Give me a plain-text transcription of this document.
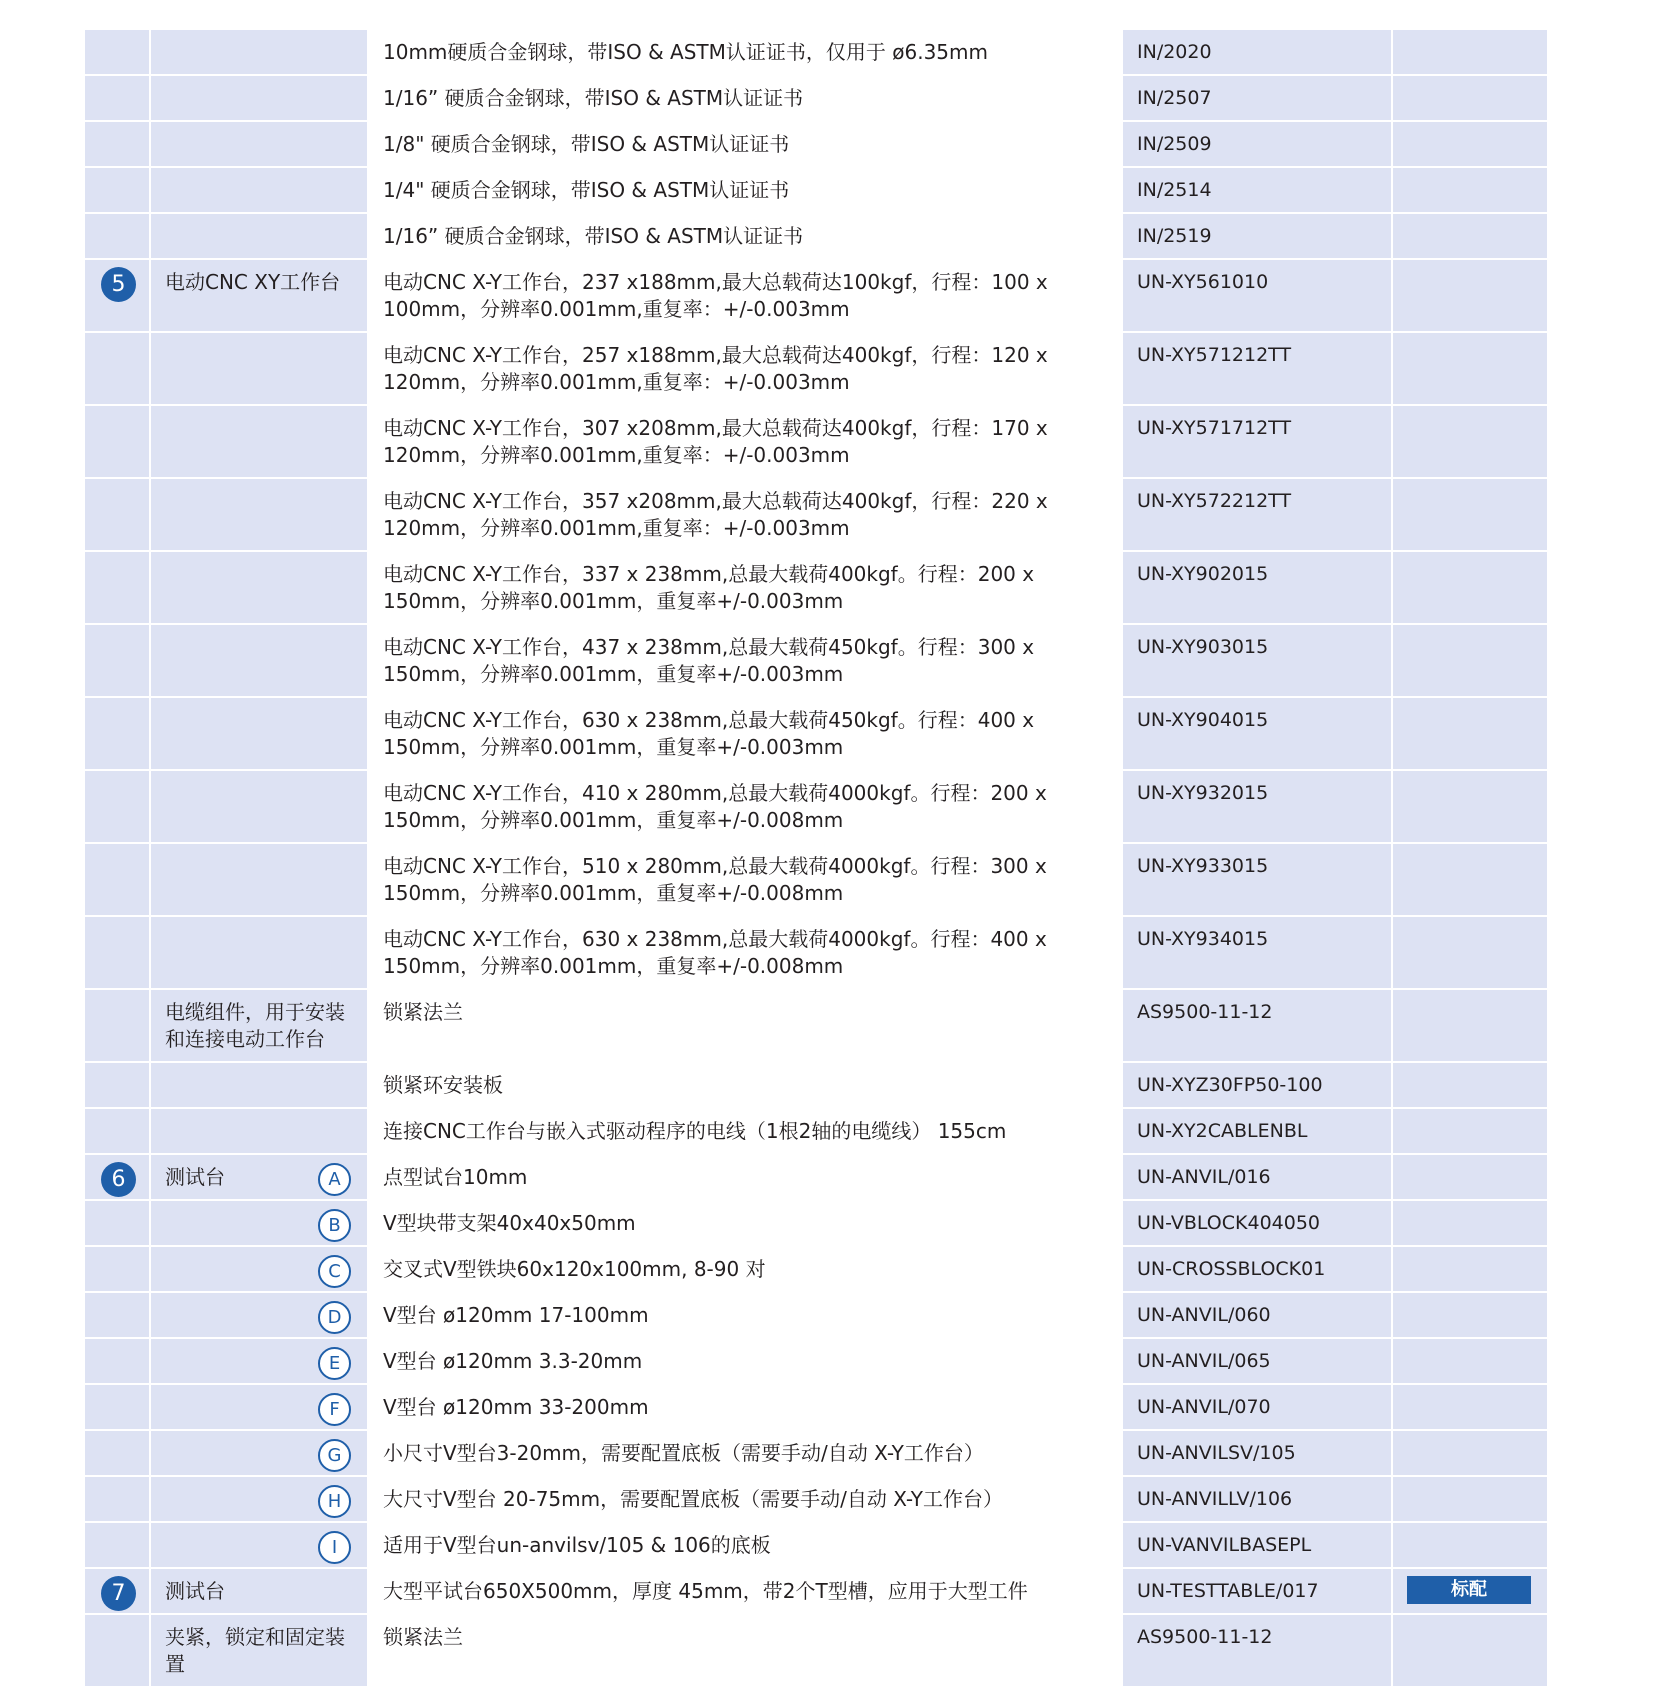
		10mm硬质合金钢球，带ISO & ASTM认证证书，仅用于 ø6.35mm	IN/2020	

		1/16” 硬质合金钢球，带ISO & ASTM认证证书	IN/2507	

		1/8" 硬质合金钢球，带ISO & ASTM认证证书	IN/2509	

		1/4" 硬质合金钢球，带ISO & ASTM认证证书	IN/2514	

		1/16” 硬质合金钢球，带ISO & ASTM认证证书	IN/2519	

5	电动CNC XY工作台	电动CNC X-Y工作台，237 x188mm,最大总载荷达100kgf，行程：100 x 100mm，分辨率0.001mm,重复率：+/-0.003mm	UN-XY561010	

		电动CNC X-Y工作台，257 x188mm,最大总载荷达400kgf，行程：120 x 120mm，分辨率0.001mm,重复率：+/-0.003mm	UN-XY571212TT	

		电动CNC X-Y工作台，307 x208mm,最大总载荷达400kgf，行程：170 x 120mm，分辨率0.001mm,重复率：+/-0.003mm	UN-XY571712TT	

		电动CNC X-Y工作台，357 x208mm,最大总载荷达400kgf，行程：220 x 120mm，分辨率0.001mm,重复率：+/-0.003mm	UN-XY572212TT	

		电动CNC X-Y工作台，337 x 238mm,总最大载荷400kgf。行程：200 x 150mm，分辨率0.001mm，重复率+/-0.003mm	UN-XY902015	

		电动CNC X-Y工作台，437 x 238mm,总最大载荷450kgf。行程：300 x 150mm，分辨率0.001mm，重复率+/-0.003mm	UN-XY903015	

		电动CNC X-Y工作台，630 x 238mm,总最大载荷450kgf。行程：400 x 150mm，分辨率0.001mm，重复率+/-0.003mm	UN-XY904015	

		电动CNC X-Y工作台，410 x 280mm,总最大载荷4000kgf。行程：200 x 150mm，分辨率0.001mm，重复率+/-0.008mm	UN-XY932015	

		电动CNC X-Y工作台，510 x 280mm,总最大载荷4000kgf。行程：300 x 150mm，分辨率0.001mm，重复率+/-0.008mm	UN-XY933015	

		电动CNC X-Y工作台，630 x 238mm,总最大载荷4000kgf。行程：400 x 150mm，分辨率0.001mm，重复率+/-0.008mm	UN-XY934015	

	电缆组件，用于安装和连接电动工作台	锁紧法兰	AS9500-11-12	

		锁紧环安装板	UN-XYZ30FP50-100	

		连接CNC工作台与嵌入式驱动程序的电线（1根2轴的电缆线） 155cm	UN-XY2CABLENBL	

6	测试台 A	点型试台10mm	UN-ANVIL/016	

	B	V型块带支架40x40x50mm	UN-VBLOCK404050	

	C	交叉式V型铁块60x120x100mm, 8-90 对	UN-CROSSBLOCK01	

	D	V型台 ø120mm 17-100mm	UN-ANVIL/060	

	E	V型台 ø120mm 3.3-20mm	UN-ANVIL/065	

	F	V型台 ø120mm 33-200mm	UN-ANVIL/070	

	G	小尺寸V型台3-20mm，需要配置底板（需要手动/自动 X-Y工作台）	UN-ANVILSV/105	

	H	大尺寸V型台 20-75mm，需要配置底板（需要手动/自动 X-Y工作台）	UN-ANVILLV/106	

	I	适用于V型台un-anvilsv/105 & 106的底板	UN-VANVILBASEPL	

7	测试台	大型平试台650X500mm，厚度 45mm，带2个T型槽，应用于大型工件	UN-TESTTABLE/017	标配

	夹紧，锁定和固定装置	锁紧法兰	AS9500-11-12	
